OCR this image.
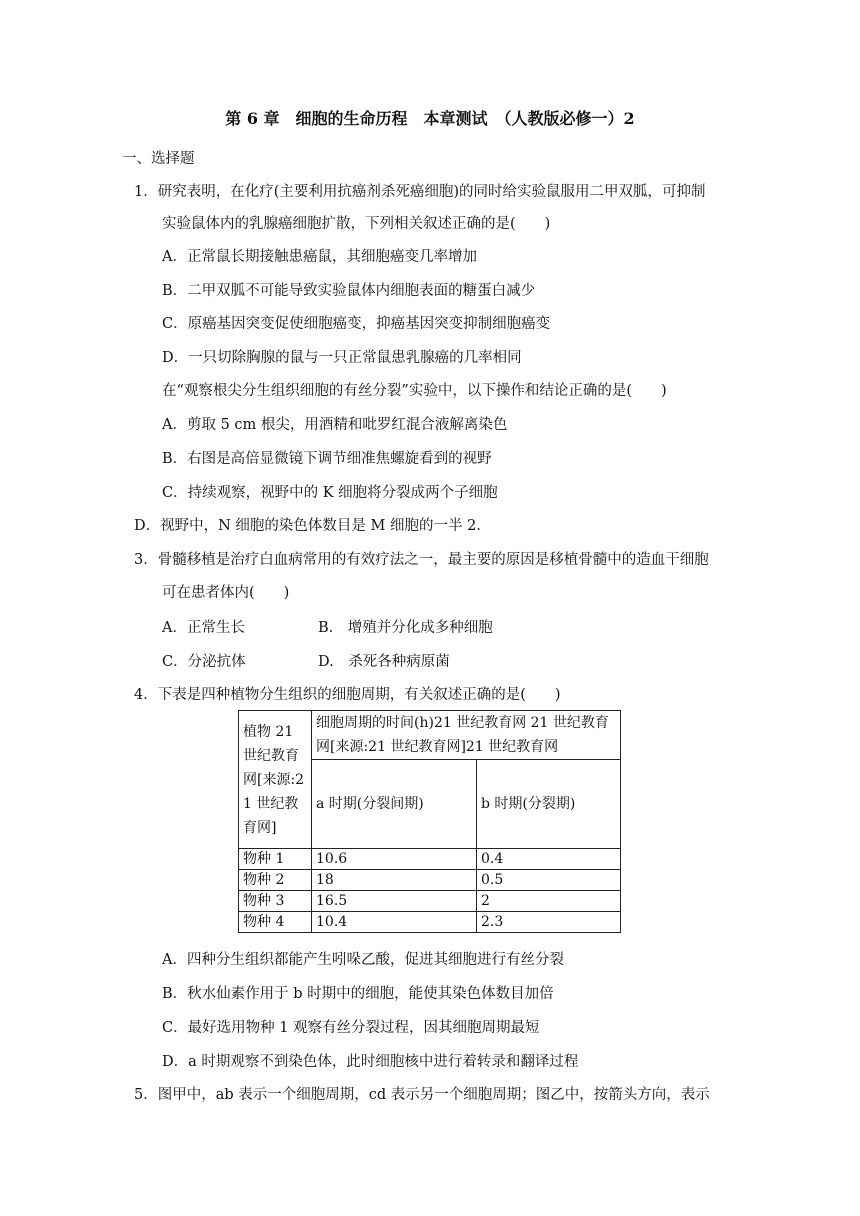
第 6 章　细胞的生命历程　本章测试　（人教版必修一）2
一、选择题
1．研究表明，在化疗(主要利用抗癌剂杀死癌细胞)的同时给实验鼠服用二甲双胍，可抑制
实验鼠体内的乳腺癌细胞扩散，下列相关叙述正确的是(　　)
A．正常鼠长期接触患癌鼠，其细胞癌变几率增加
B．二甲双胍不可能导致实验鼠体内细胞表面的糖蛋白减少
C．原癌基因突变促使细胞癌变，抑癌基因突变抑制细胞癌变
D．一只切除胸腺的鼠与一只正常鼠患乳腺癌的几率相同
在“观察根尖分生组织细胞的有丝分裂”实验中，以下操作和结论正确的是(　　)
A．剪取 5 cm 根尖，用酒精和吡罗红混合液解离染色
B．右图是高倍显微镜下调节细准焦螺旋看到的视野
C．持续观察，视野中的 K 细胞将分裂成两个子细胞
D．视野中，N 细胞的染色体数目是 M 细胞的一半 2．
3．骨髓移植是治疗白血病常用的有效疗法之一，最主要的原因是移植骨髓中的造血干细胞
可在患者体内(　　)
A．正常生长	B.　增殖并分化成多种细胞
C．分泌抗体	D.　杀死各种病原菌
4．下表是四种植物分生组织的细胞周期，有关叙述正确的是(　　)
植物 21 世纪教育网[来源:21 世纪教育网]	细胞周期的时间(h)21 世纪教育网 21 世纪教育网[来源:21 世纪教育网]21 世纪教育网	
	a 时期(分裂间期)	b 时期(分裂期)
物种 1	10.6	0.4
物种 2	18	0.5
物种 3	16.5	2
物种 4	10.4	2.3
A．四种分生组织都能产生吲哚乙酸，促进其细胞进行有丝分裂
B．秋水仙素作用于 b 时期中的细胞，能使其染色体数目加倍
C．最好选用物种 1 观察有丝分裂过程，因其细胞周期最短
D．a 时期观察不到染色体，此时细胞核中进行着转录和翻译过程
5．图甲中，ab 表示一个细胞周期，cd 表示另一个细胞周期；图乙中，按箭头方向，表示
